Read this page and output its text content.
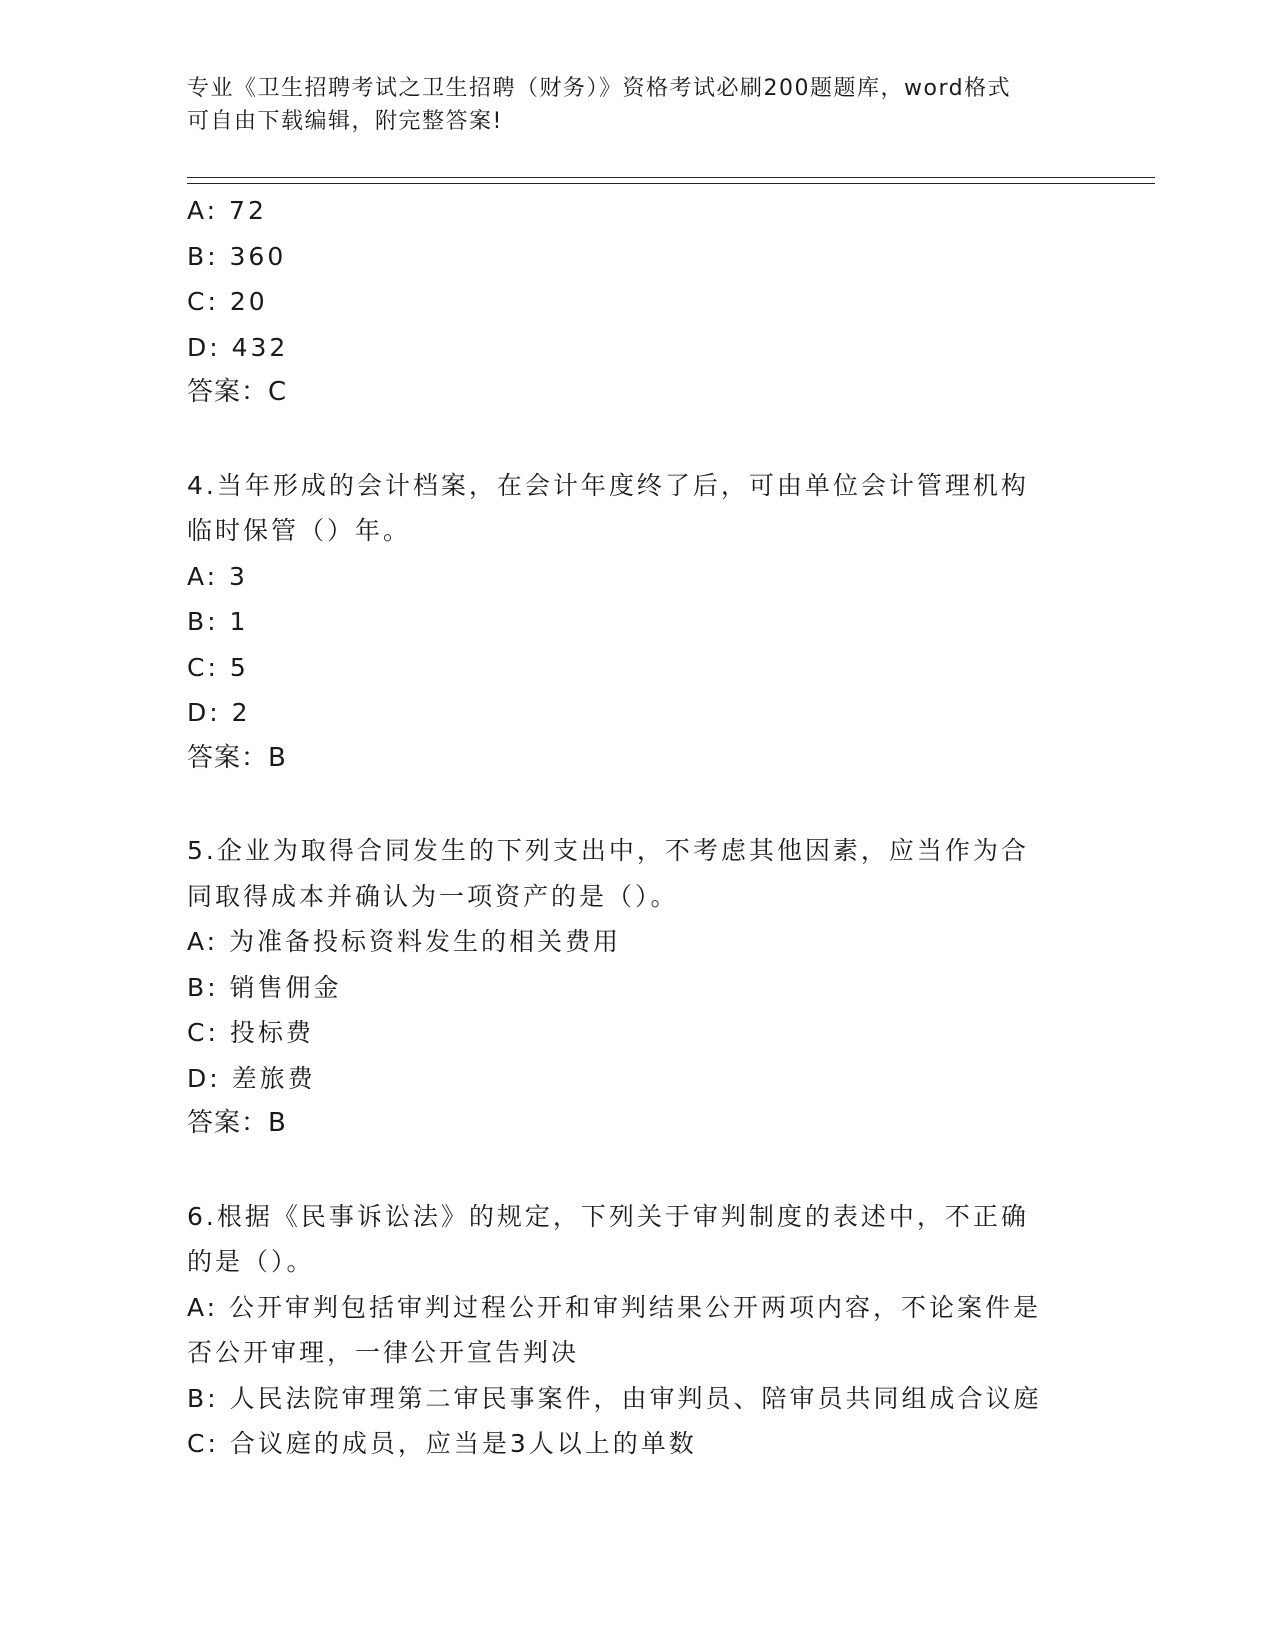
专业《卫生招聘考试之卫生招聘（财务）》资格考试必刷200题题库，word格式
可自由下载编辑，附完整答案!
A: 72
B: 360
C: 20
D: 432
答案：C
4.当年形成的会计档案，在会计年度终了后，可由单位会计管理机构
临时保管（）年。
A: 3
B: 1
C: 5
D: 2
答案：B
5.企业为取得合同发生的下列支出中，不考虑其他因素，应当作为合
同取得成本并确认为一项资产的是（）。
A: 为准备投标资料发生的相关费用
B: 销售佣金
C: 投标费
D: 差旅费
答案：B
6.根据《民事诉讼法》的规定，下列关于审判制度的表述中，不正确
的是（）。
A: 公开审判包括审判过程公开和审判结果公开两项内容，不论案件是
否公开审理，一律公开宣告判决
B: 人民法院审理第二审民事案件，由审判员、陪审员共同组成合议庭
C: 合议庭的成员，应当是3人以上的单数
